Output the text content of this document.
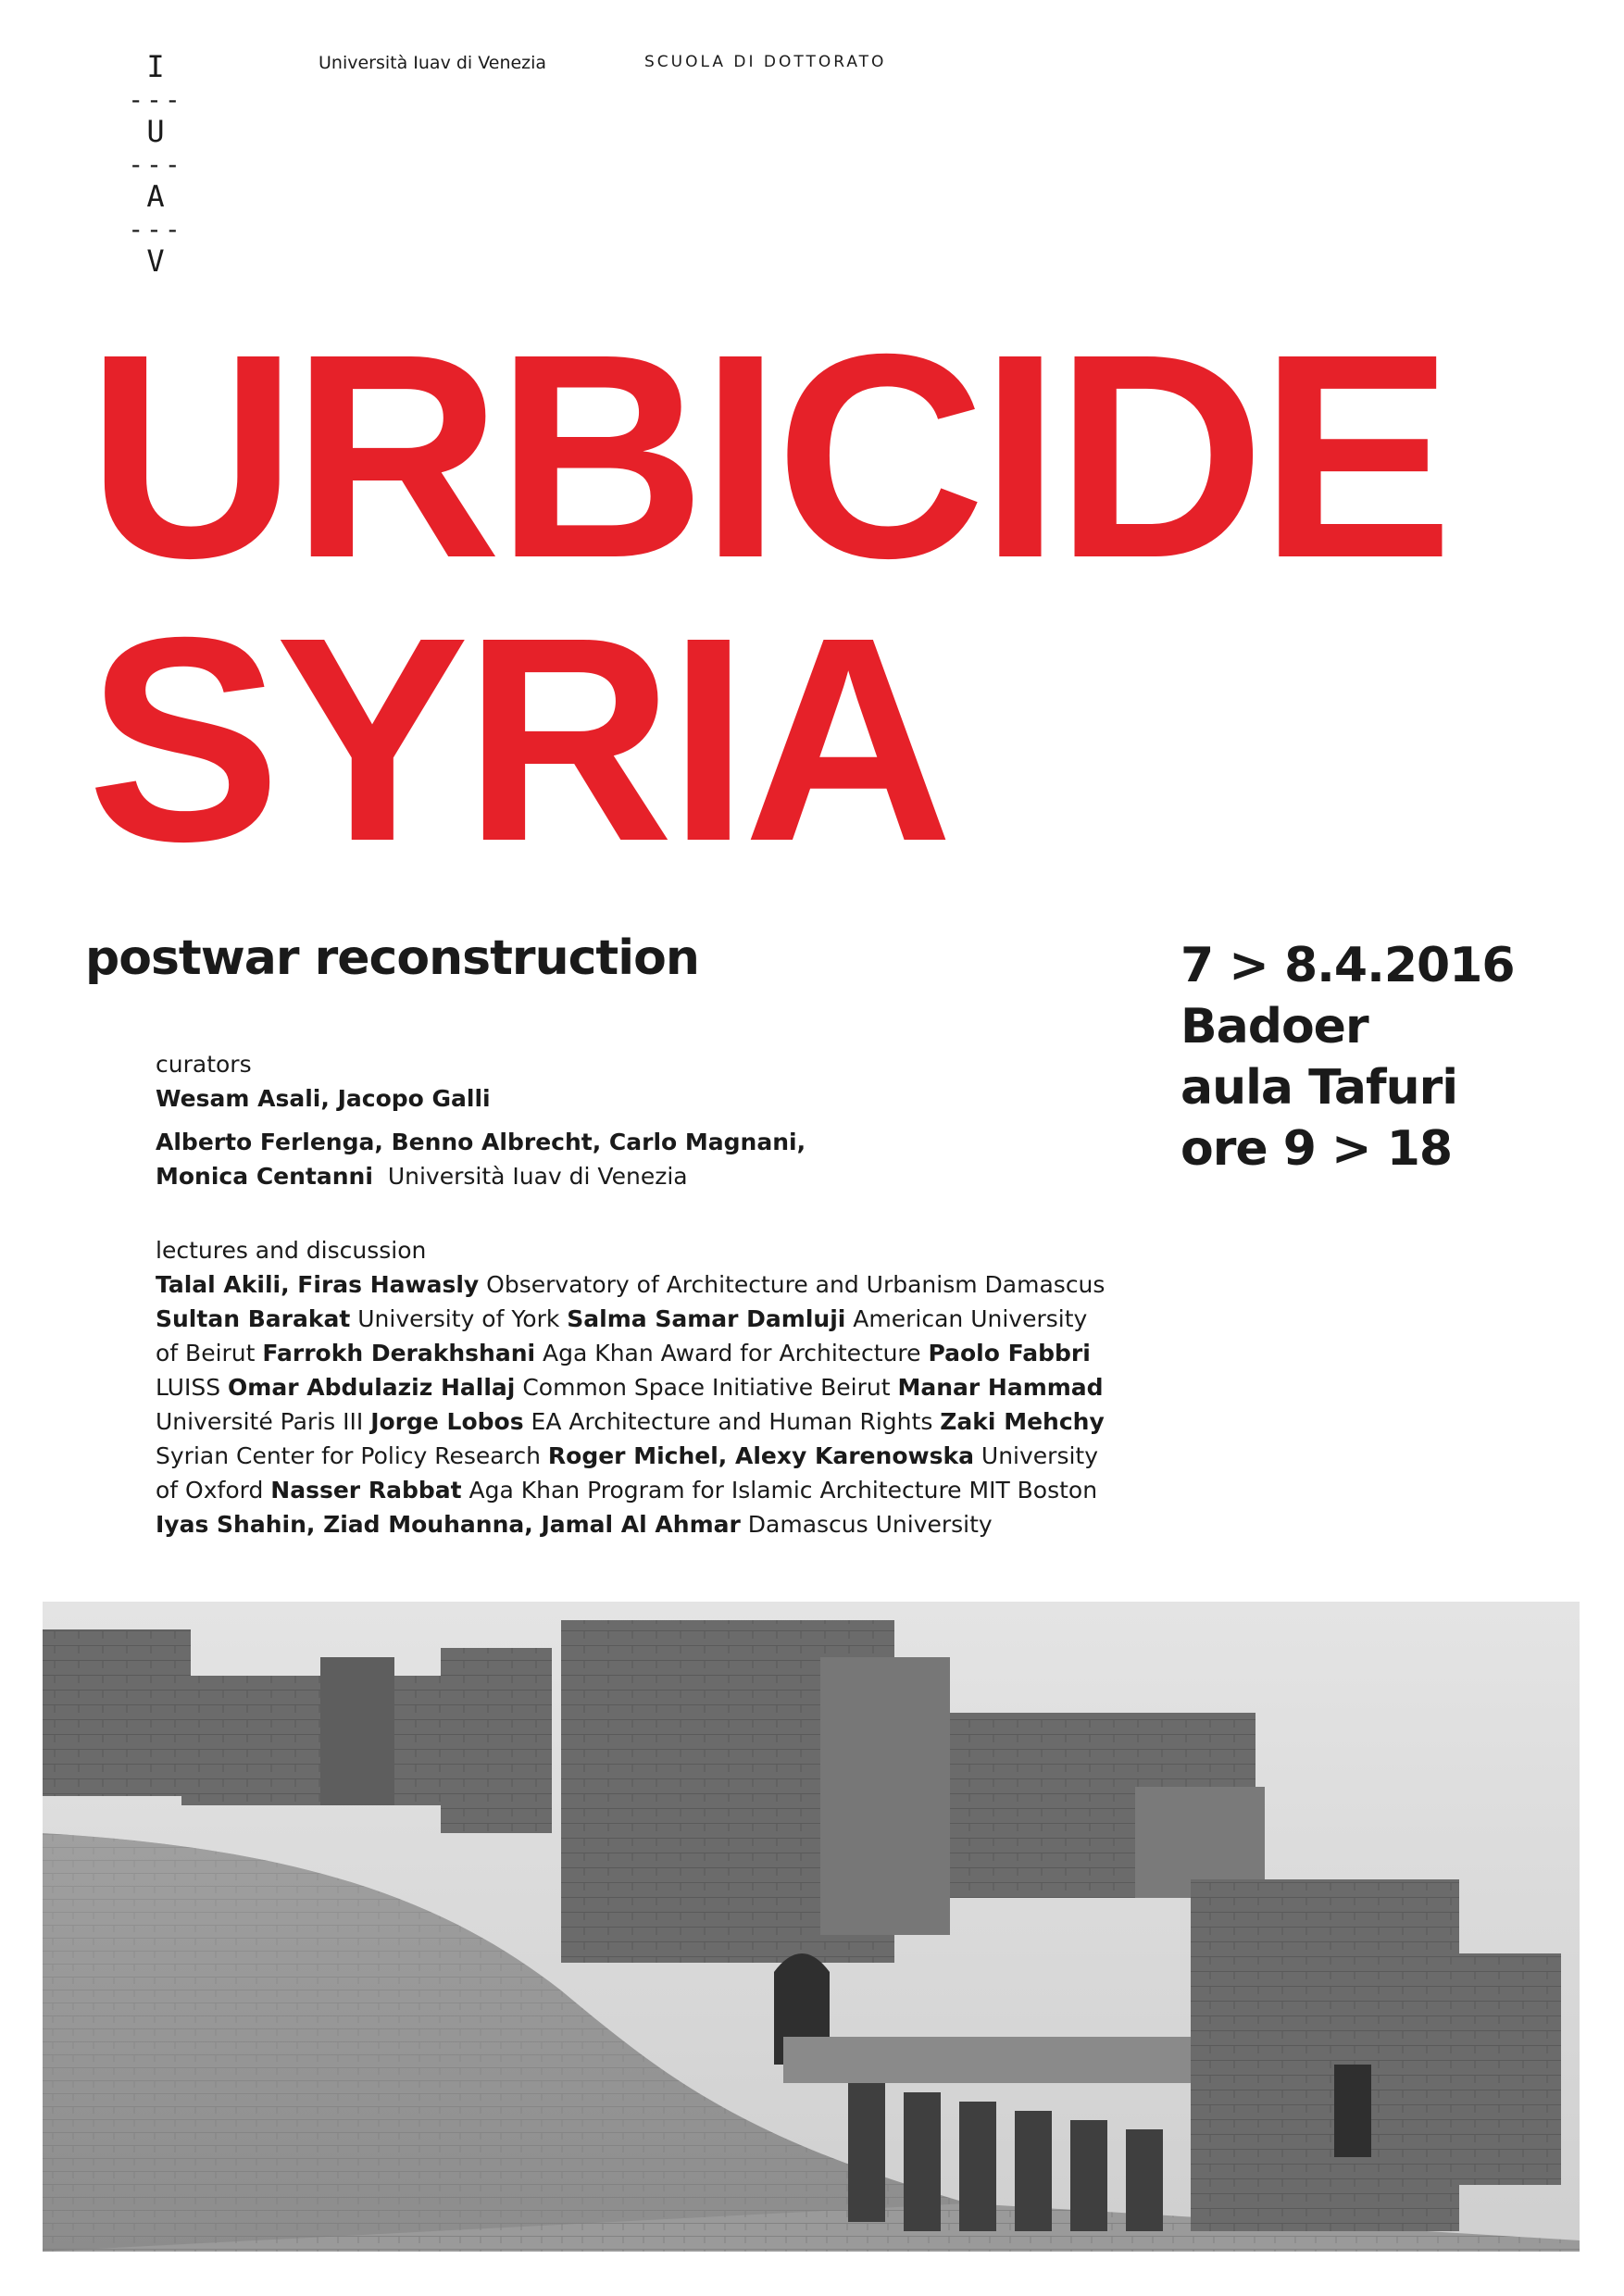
I
---
U
---
A
---
V
Università Iuav di Venezia	SCUOLA DI DOTTORATO
URBICIDE
SYRIA
postwar reconstruction	7 > 8.4.2016
Badoer
aula Tafuri
ore 9 > 18
curators
Wesam Asali, Jacopo Galli
Alberto Ferlenga, Benno Albrecht, Carlo Magnani,
Monica Centanni Università Iuav di Venezia
lectures and discussion
Talal Akili, Firas Hawasly Observatory of Architecture and Urbanism Damascus Sultan Barakat University of York Salma Samar Damluji American University of Beirut Farrokh Derakhshani Aga Khan Award for Architecture Paolo Fabbri LUISS Omar Abdulaziz Hallaj Common Space Initiative Beirut Manar Hammad Université Paris III Jorge Lobos EA Architecture and Human Rights Zaki Mehchy Syrian Center for Policy Research Roger Michel, Alexy Karenowska University of Oxford Nasser Rabbat Aga Khan Program for Islamic Architecture MIT Boston Iyas Shahin, Ziad Mouhanna, Jamal Al Ahmar Damascus University
